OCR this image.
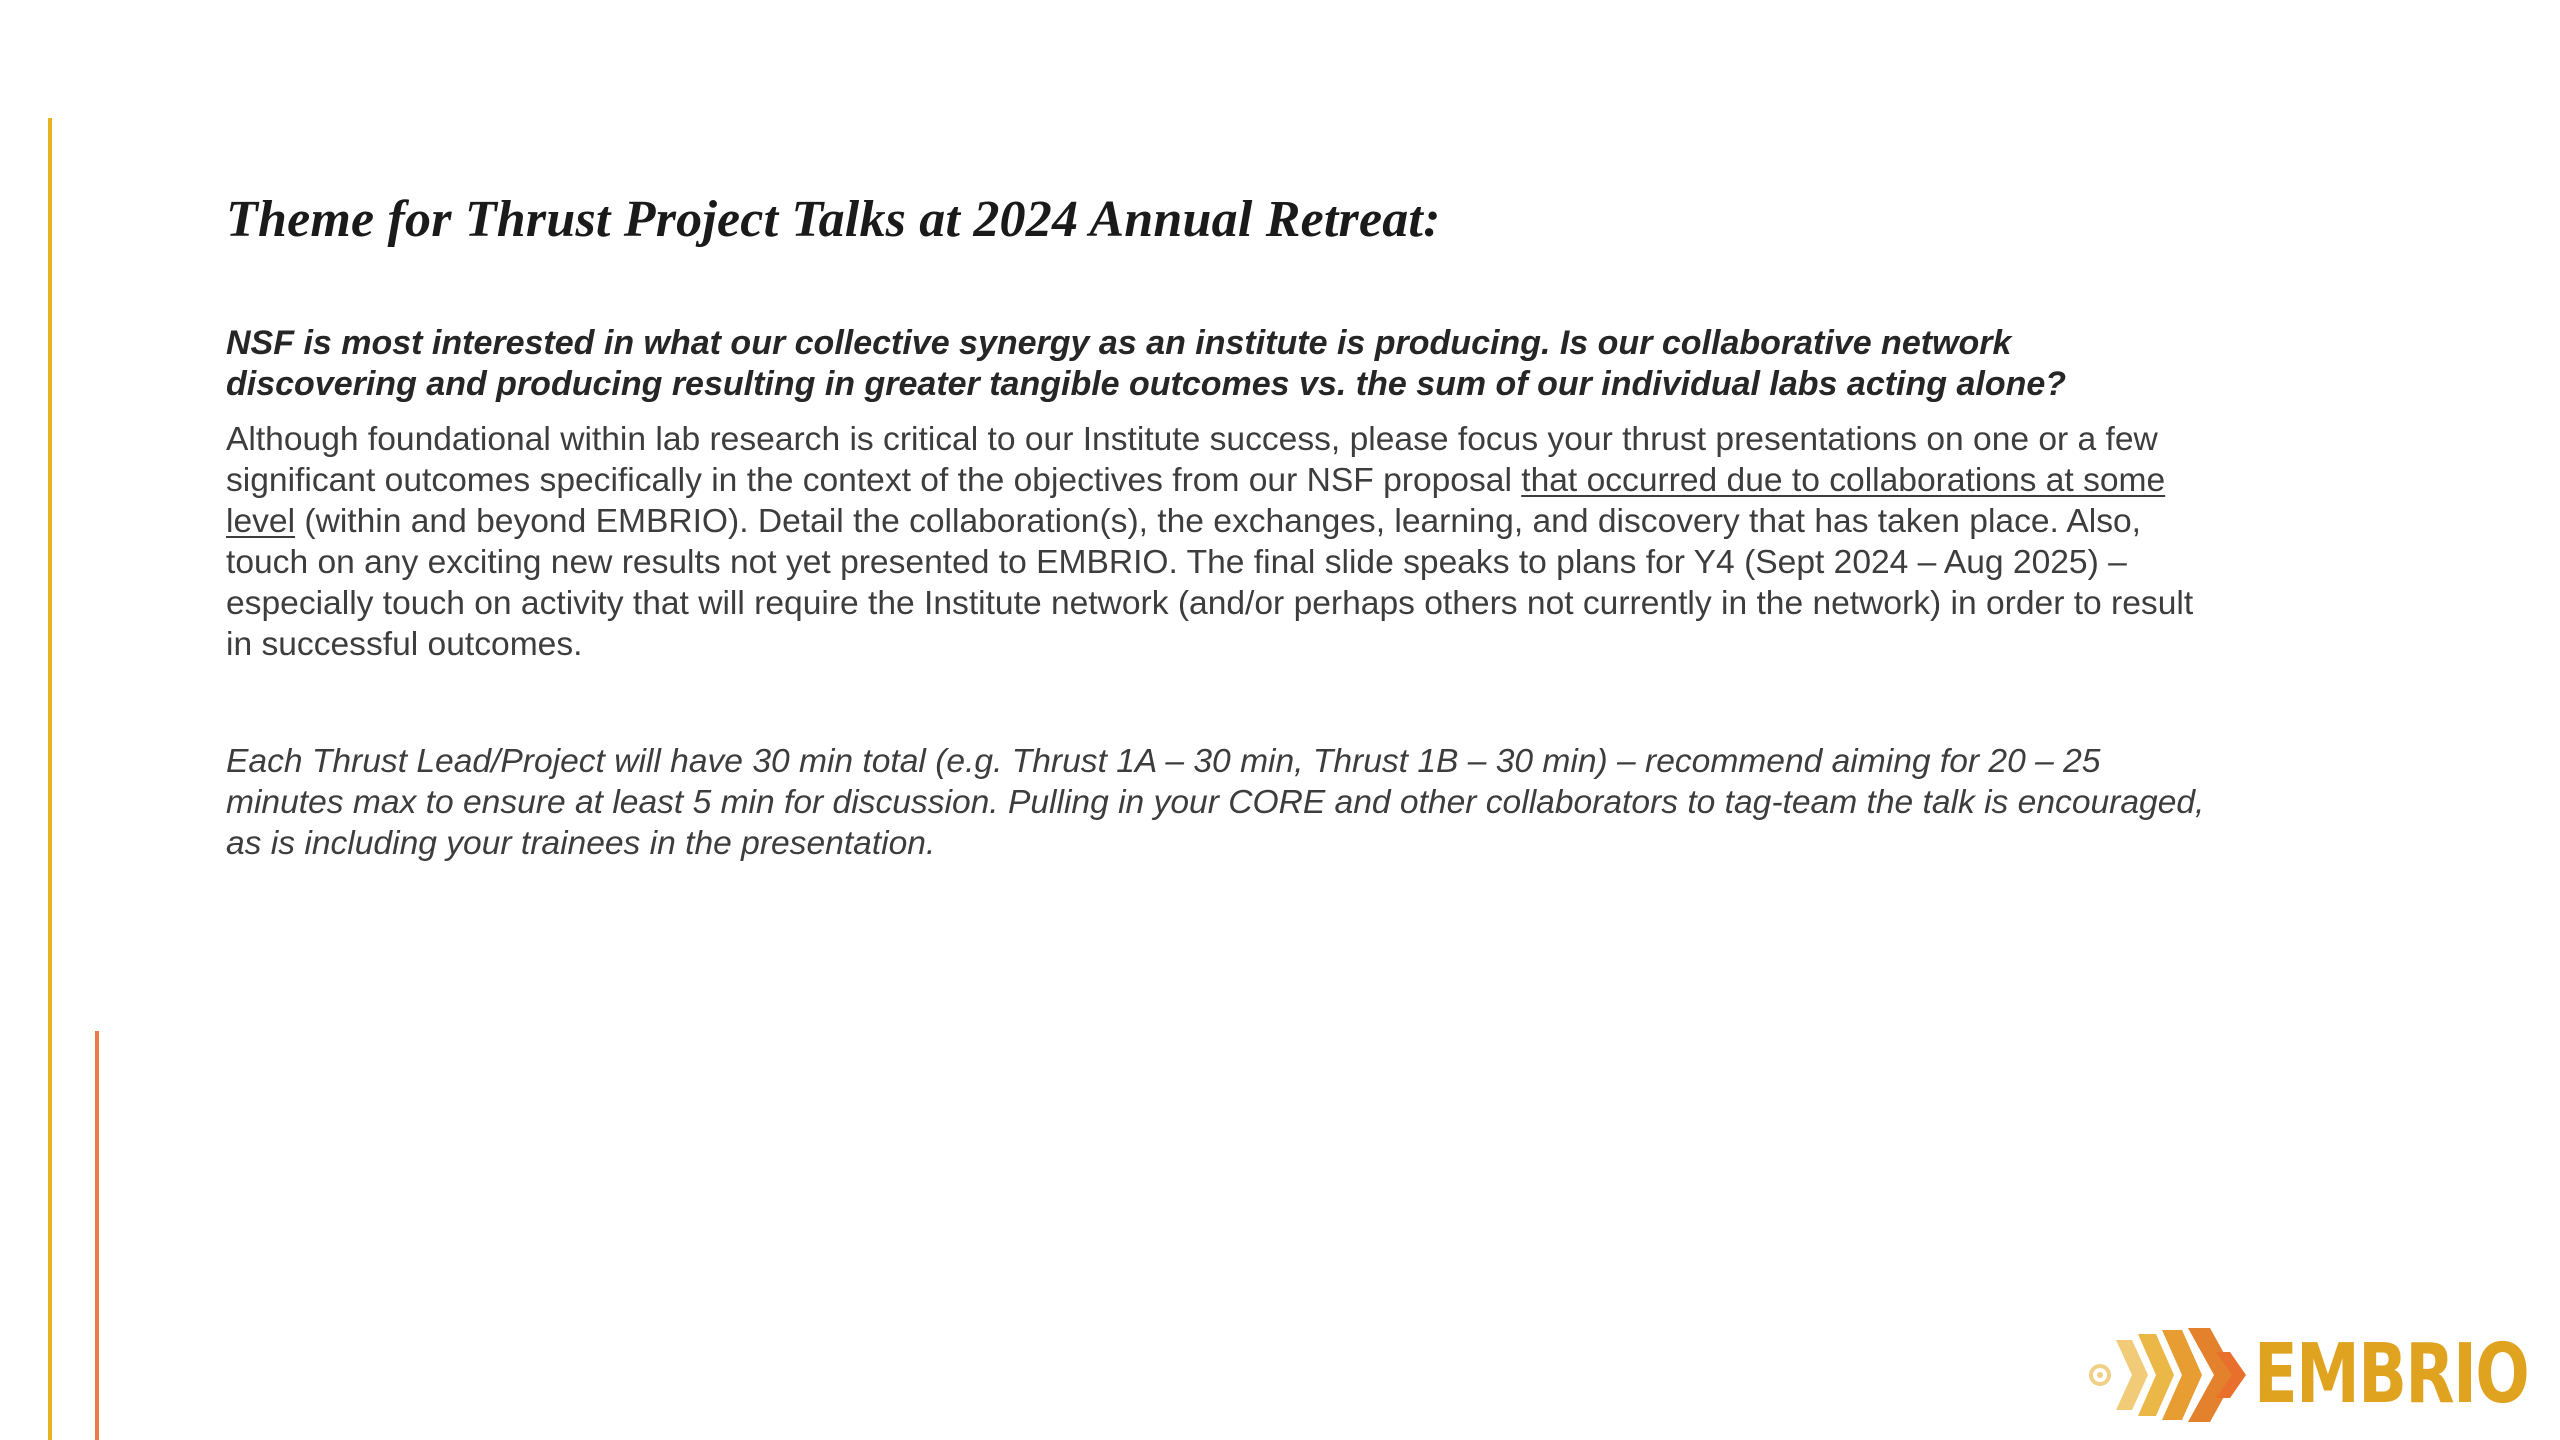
Theme for Thrust Project Talks at 2024 Annual Retreat:
NSF is most interested in what our collective synergy as an institute is producing. Is our collaborative network discovering and producing resulting in greater tangible outcomes vs. the sum of our individual labs acting alone?
Although foundational within lab research is critical to our Institute success, please focus your thrust presentations on one or a few significant outcomes specifically in the context of the objectives from our NSF proposal that occurred due to collaborations at some level (within and beyond EMBRIO). Detail the collaboration(s), the exchanges, learning, and discovery that has taken place. Also, touch on any exciting new results not yet presented to EMBRIO. The final slide speaks to plans for Y4 (Sept 2024 – Aug 2025) – especially touch on activity that will require the Institute network (and/or perhaps others not currently in the network) in order to result in successful outcomes.
Each Thrust Lead/Project will have 30 min total (e.g. Thrust 1A – 30 min, Thrust 1B – 30 min) – recommend aiming for 20 – 25 minutes max to ensure at least 5 min for discussion. Pulling in your CORE and other collaborators to tag-team the talk is encouraged, as is including your trainees in the presentation.
EMBRIO
